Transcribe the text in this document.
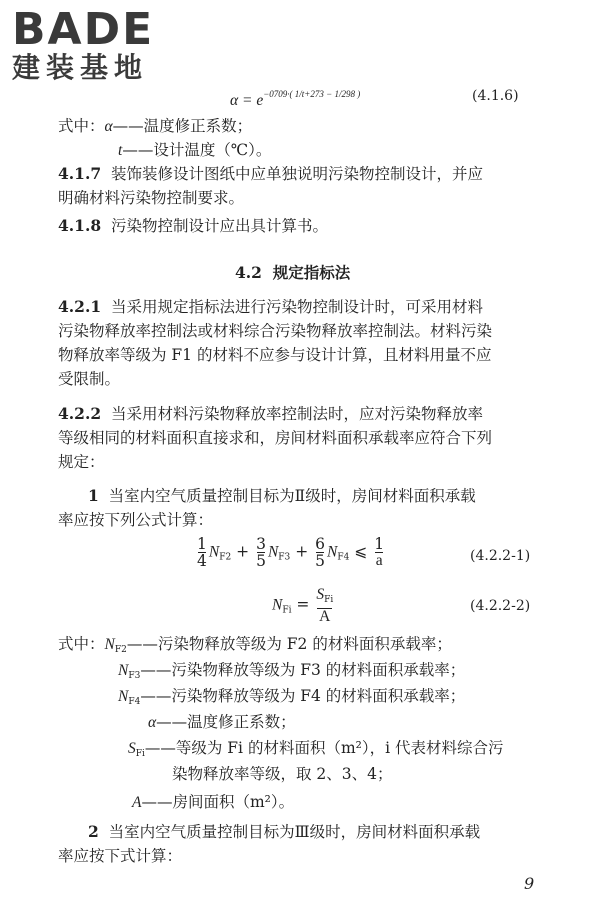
BADE
建装基地
$\alpha = e^{-0709\cdot( 1/t+273 - 1/298 )}$	(4.1.6)
式中：α——温度修正系数；
t——设计温度（℃）。
4.1.7 装饰装修设计图纸中应单独说明污染物控制设计，并应
明确材料污染物控制要求。
4.1.8 污染物控制设计应出具计算书。
4.2 规定指标法
4.2.1 当采用规定指标法进行污染物控制设计时，可采用材料
污染物释放率控制法或材料综合污染物释放率控制法。材料污染
物释放率等级为 F1 的材料不应参与设计计算，且材料用量不应
受限制。
4.2.2 当采用材料污染物释放率控制法时，应对污染物释放率
等级相同的材料面积直接求和，房间材料面积承载率应符合下列
规定：
1 当室内空气质量控制目标为Ⅱ级时，房间材料面积承载
率应按下列公式计算：
$\frac{1}{4} N_{F2} + \frac{3}{5} N_{F3} + \frac{6}{5} N_{F4}$ ⩽ $\frac{1}{a}$	(4.2.2-1)
$N_{Fi} = \frac{S_{Fi}}{A}$	(4.2.2-2)
式中：$N_{F2}——$污染物释放等级为 F2 的材料面积承载率；
$N_{F3}——$污染物释放等级为 F3 的材料面积承载率；
$N_{F4}——$污染物释放等级为 F4 的材料面积承载率；
α——温度修正系数；
$S_{Fi}——$等级为 Fi 的材料面积（m²），i 代表材料综合污
染物释放率等级，取 2、3、4；
A——房间面积（m²）。
2 当室内空气质量控制目标为Ⅲ级时，房间材料面积承载
率应按下式计算：
9
